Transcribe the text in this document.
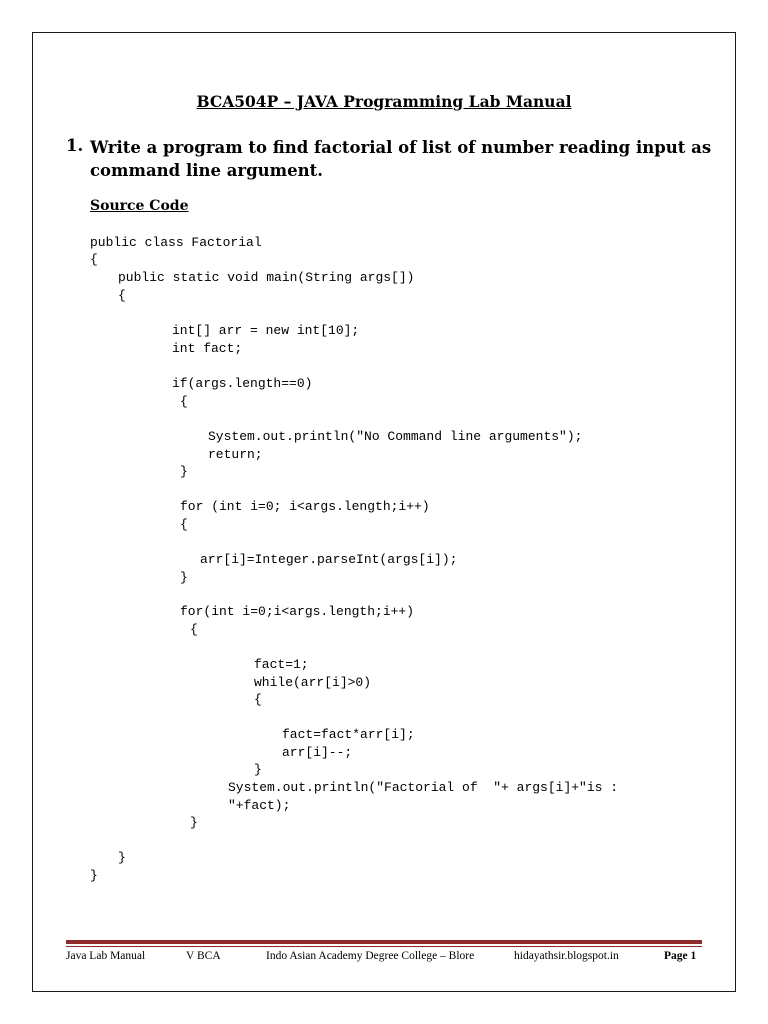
BCA504P – JAVA Programming Lab Manual
1. Write a program to find factorial of list of number reading input as
command line argument.
Source Code
public class Factorial
{
public static void main(String args[])
{
int[] arr = new int[10];
int fact;
if(args.length==0)
{
System.out.println("No Command line arguments");
return;
}
for (int i=0; i<args.length;i++)
{
arr[i]=Integer.parseInt(args[i]);
}
for(int i=0;i<args.length;i++)
{
fact=1;
while(arr[i]>0)
{
fact=fact*arr[i];
arr[i]--;
}
System.out.println("Factorial of  "+ args[i]+"is :
"+fact);
}
}
}
Java Lab Manual	V BCA	Indo Asian Academy Degree College – Blore	hidayathsir.blogspot.in	Page 1
